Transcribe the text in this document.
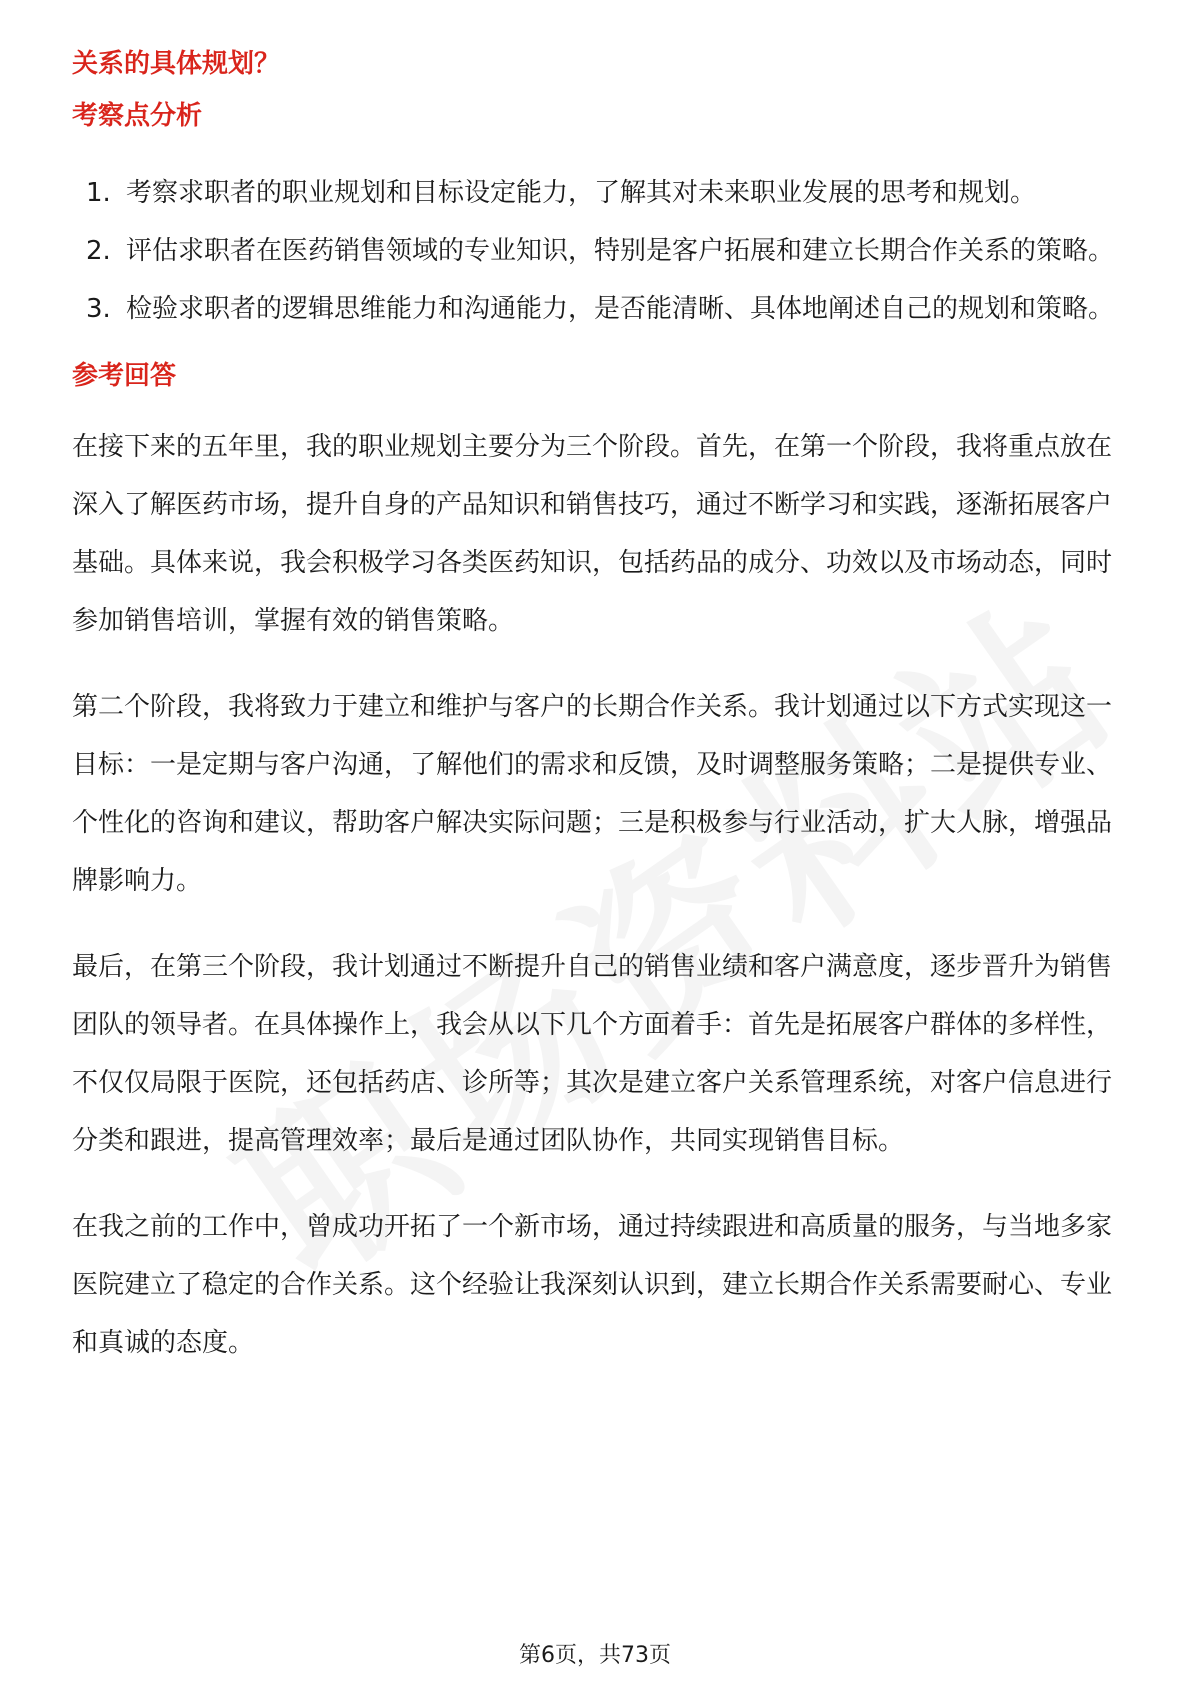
关系的具体规划？
考察点分析
1. 考察求职者的职业规划和目标设定能力，了解其对未来职业发展的思考和规划。
2. 评估求职者在医药销售领域的专业知识，特别是客户拓展和建立长期合作关系的策略。
3. 检验求职者的逻辑思维能力和沟通能力，是否能清晰、具体地阐述自己的规划和策略。
参考回答

在接下来的五年里，我的职业规划主要分为三个阶段。首先，在第一个阶段，我将重点放在深入了解医药市场，提升自身的产品知识和销售技巧，通过不断学习和实践，逐渐拓展客户基础。具体来说，我会积极学习各类医药知识，包括药品的成分、功效以及市场动态，同时参加销售培训，掌握有效的销售策略。

第二个阶段，我将致力于建立和维护与客户的长期合作关系。我计划通过以下方式实现这一目标：一是定期与客户沟通，了解他们的需求和反馈，及时调整服务策略；二是提供专业、个性化的咨询和建议，帮助客户解决实际问题；三是积极参与行业活动，扩大人脉，增强品牌影响力。

最后，在第三个阶段，我计划通过不断提升自己的销售业绩和客户满意度，逐步晋升为销售团队的领导者。在具体操作上，我会从以下几个方面着手：首先是拓展客户群体的多样性，不仅仅局限于医院，还包括药店、诊所等；其次是建立客户关系管理系统，对客户信息进行分类和跟进，提高管理效率；最后是通过团队协作，共同实现销售目标。

在我之前的工作中，曾成功开拓了一个新市场，通过持续跟进和高质量的服务，与当地多家医院建立了稳定的合作关系。这个经验让我深刻认识到，建立长期合作关系需要耐心、专业和真诚的态度。

第6页，共73页
